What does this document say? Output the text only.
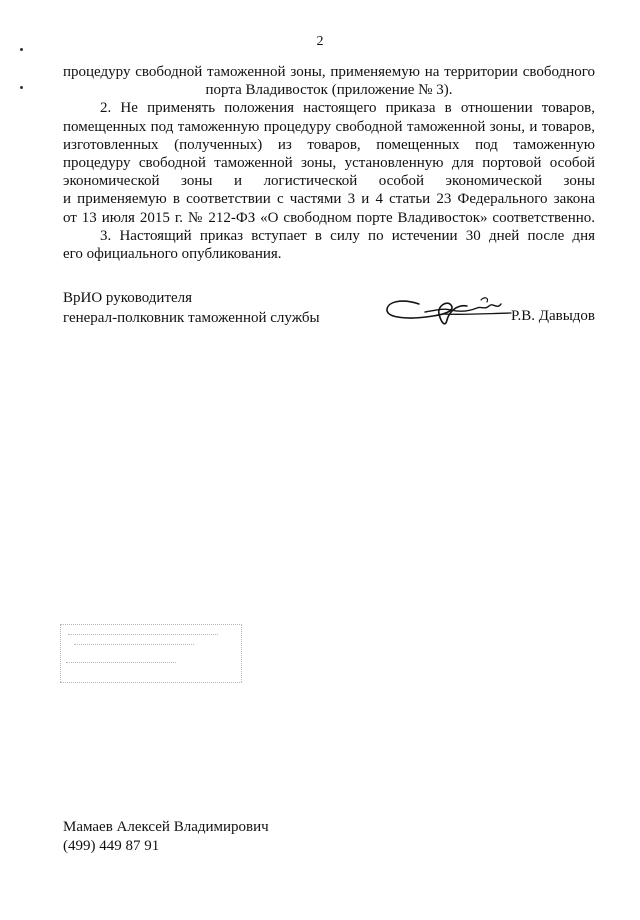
2
процедуру свободной таможенной зоны, применяемую на территории свободного
порта Владивосток (приложение № 3).
2. Не применять положения настоящего приказа в отношении товаров,
помещенных под таможенную процедуру свободной таможенной зоны, и товаров,
изготовленных (полученных) из товаров, помещенных под таможенную
процедуру свободной таможенной зоны, установленную для портовой особой
экономической зоны и логистической особой экономической зоны
и применяемую в соответствии с частями 3 и 4 статьи 23 Федерального закона
от 13 июля 2015 г. № 212-ФЗ «О свободном порте Владивосток» соответственно.
3. Настоящий приказ вступает в силу по истечении 30 дней после дня
его официального опубликования.
ВрИО руководителя
генерал-полковник таможенной службы	Р.В. Давыдов
Мамаев Алексей Владимирович
(499) 449 87 91
